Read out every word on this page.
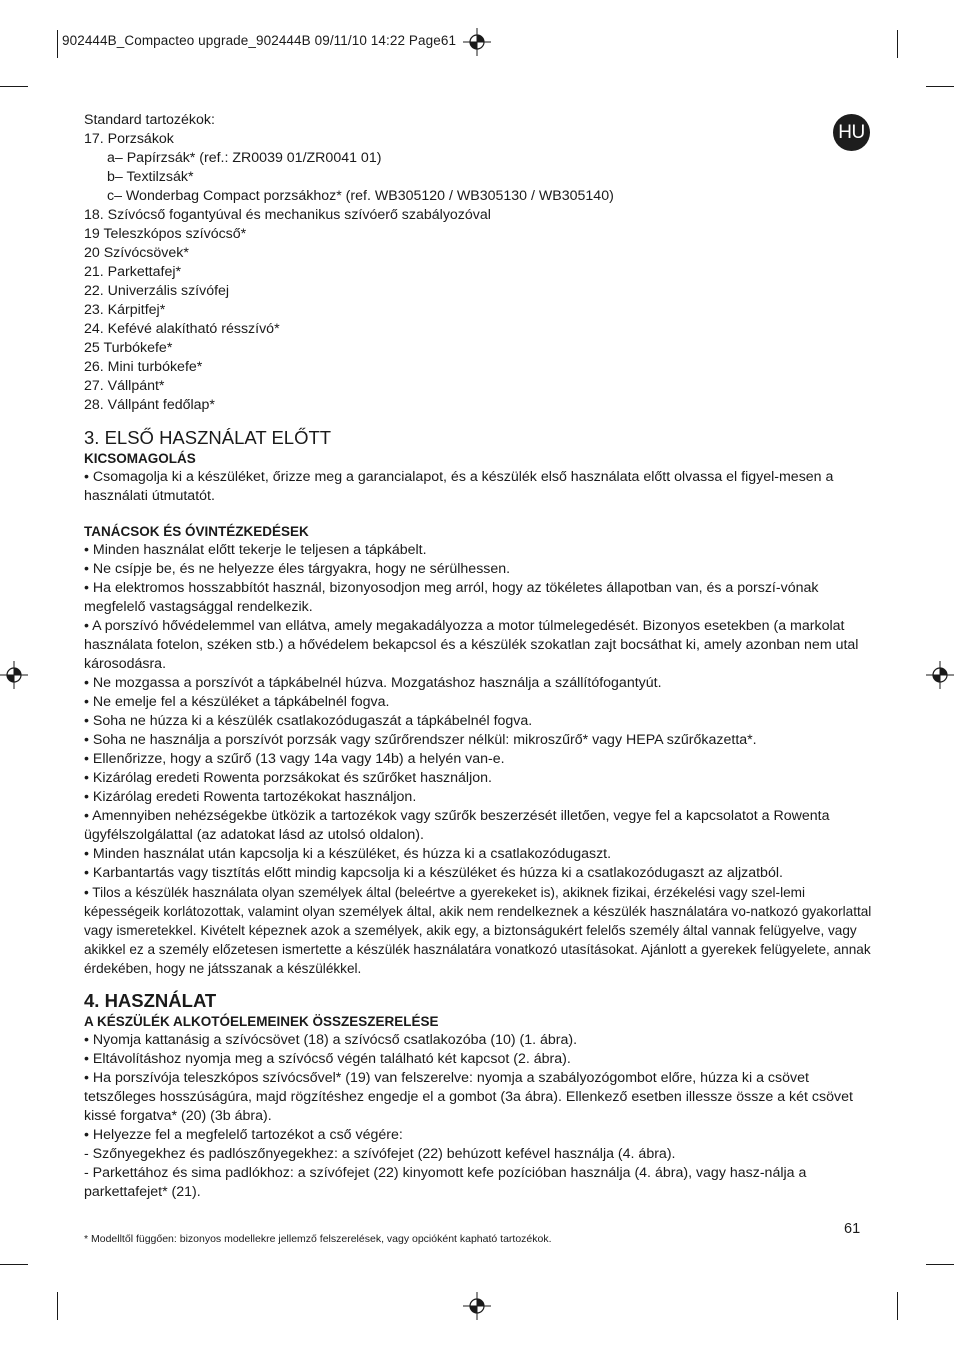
902444B_Compacteo upgrade_902444B 09/11/10 14:22 Page61
HU

Standard tartozékok:

17. Porzsákok

a– Papírzsák* (ref.: ZR0039 01/ZR0041 01)

b– Textilzsák*

c– Wonderbag Compact porzsákhoz* (ref. WB305120 / WB305130 / WB305140)

18. Szívócső fogantyúval és mechanikus szívóerő szabályozóval

19 Teleszkópos szívócső*

20 Szívócsövek*

21. Parkettafej*

22. Univerzális szívófej

23. Kárpitfej*

24. Kefévé alakítható résszívó*

25 Turbókefe*

26. Mini turbókefe*

27. Vállpánt*

28. Vállpánt fedőlap*

3. ELSŐ HASZNÁLAT ELŐTT

KICSOMAGOLÁS

• Csomagolja ki a készüléket, őrizze meg a garancialapot, és a készülék első használata előtt olvassa el figyel-mesen a használati útmutatót.

TANÁCSOK ÉS ÓVINTÉZKEDÉSEK

• Minden használat előtt tekerje le teljesen a tápkábelt.

• Ne csípje be, és ne helyezze éles tárgyakra, hogy ne sérülhessen.

• Ha elektromos hosszabbítót használ, bizonyosodjon meg arról, hogy az tökéletes állapotban van, és a porszí-vónak megfelelő vastagsággal rendelkezik.

• A porszívó hővédelemmel van ellátva, amely megakadályozza a motor túlmelegedését. Bizonyos esetekben (a markolat használata fotelon, széken stb.) a hővédelem bekapcsol és a készülék szokatlan zajt bocsáthat ki, amely azonban nem utal károsodásra.

• Ne mozgassa a porszívót a tápkábelnél húzva. Mozgatáshoz használja a szállítófogantyút.

• Ne emelje fel a készüléket a tápkábelnél fogva.

• Soha ne húzza ki a készülék csatlakozódugaszát a tápkábelnél fogva.

• Soha ne használja a porszívót porzsák vagy szűrőrendszer nélkül: mikroszűrő* vagy HEPA szűrőkazetta*.

• Ellenőrizze, hogy a szűrő (13 vagy 14a vagy 14b) a helyén van-e.

• Kizárólag eredeti Rowenta porzsákokat és szűrőket használjon.

• Kizárólag eredeti Rowenta tartozékokat használjon.

• Amennyiben nehézségekbe ütközik a tartozékok vagy szűrők beszerzését illetően, vegye fel a kapcsolatot a Rowenta ügyfélszolgálattal (az adatokat lásd az utolsó oldalon).

• Minden használat után kapcsolja ki a készüléket, és húzza ki a csatlakozódugaszt.

• Karbantartás vagy tisztítás előtt mindig kapcsolja ki a készüléket és húzza ki a csatlakozódugaszt az aljzatból.

• Tilos a készülék használata olyan személyek által (beleértve a gyerekeket is), akiknek fizikai, érzékelési vagy szel-lemi képességeik korlátozottak, valamint olyan személyek által, akik nem rendelkeznek a készülék használatára vo-natkozó gyakorlattal vagy ismeretekkel. Kivételt képeznek azok a személyek, akik egy, a biztonságukért felelős személy által vannak felügyelve, vagy akikkel ez a személy előzetesen ismertette a készülék használatára vonatkozó utasításokat. Ajánlott a gyerekek felügyelete, annak érdekében, hogy ne játsszanak a készülékkel.

4. HASZNÁLAT

A KÉSZÜLÉK ALKOTÓELEMEINEK ÖSSZESZERELÉSE

• Nyomja kattanásig a szívócsövet (18) a szívócső csatlakozóba (10) (1. ábra).

• Eltávolításhoz nyomja meg a szívócső végén található két kapcsot (2. ábra).

• Ha porszívója teleszkópos szívócsővel* (19) van felszerelve: nyomja a szabályozógombot előre, húzza ki a csövet tetszőleges hosszúságúra, majd rögzítéshez engedje el a gombot (3a ábra). Ellenkező esetben illessze össze a két csövet kissé forgatva* (20) (3b ábra).

• Helyezze fel a megfelelő tartozékot a cső végére:

- Szőnyegekhez és padlószőnyegekhez: a szívófejet (22) behúzott kefével használja (4. ábra).

- Parkettához és sima padlókhoz: a szívófejet (22) kinyomott kefe pozícióban használja (4. ábra), vagy hasz-nálja a parkettafejet* (21).

61
* Modelltől függően: bizonyos modellekre jellemző felszerelések, vagy opcióként kapható tartozékok.
